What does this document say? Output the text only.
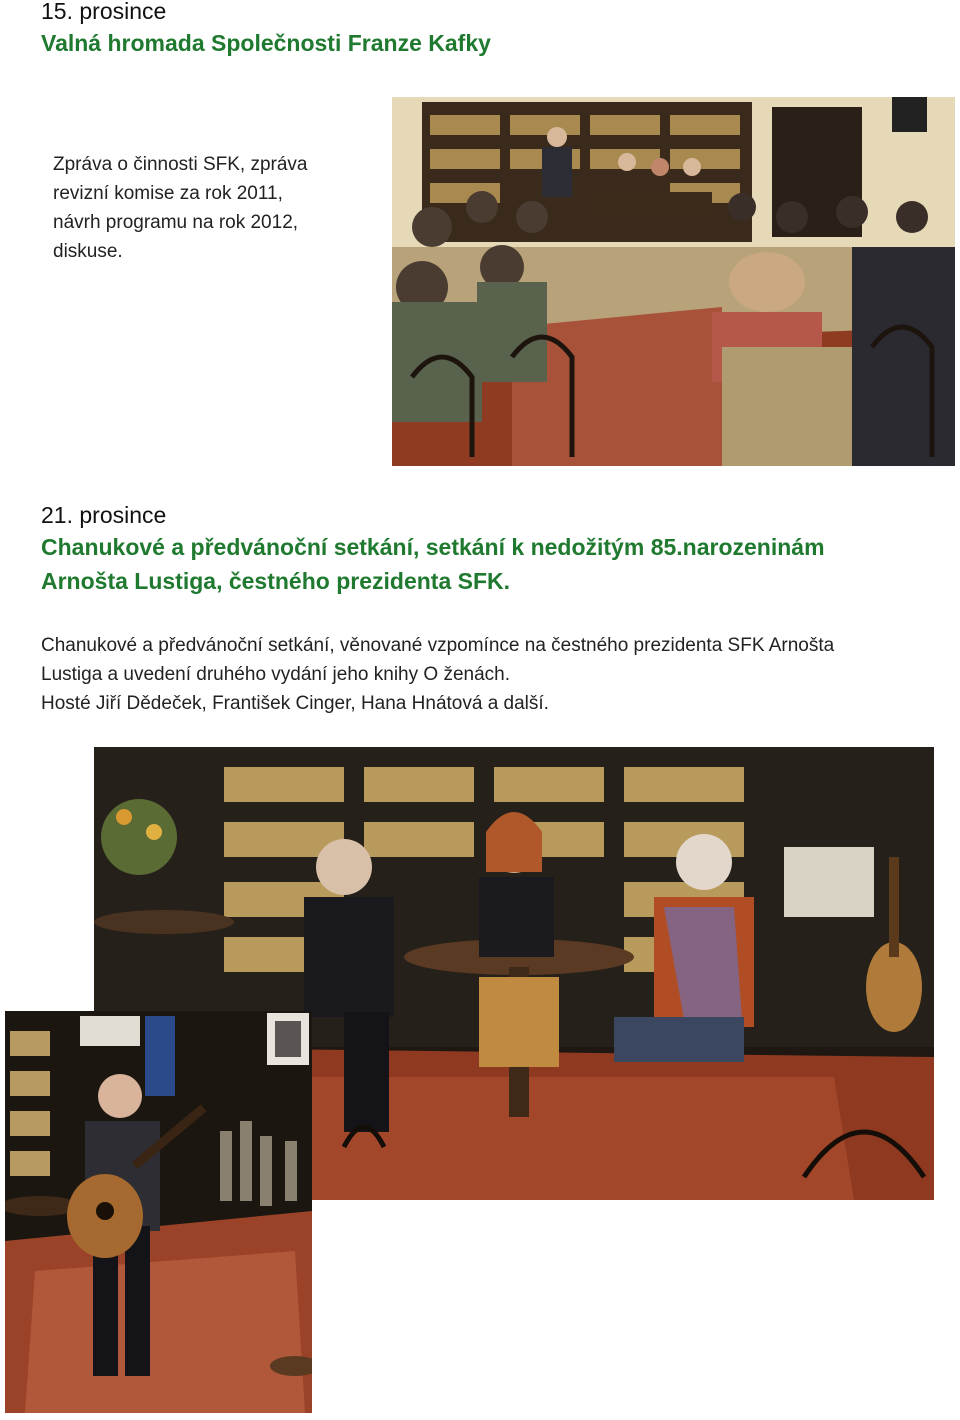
15. prosince
Valná hromada Společnosti Franze Kafky
Zpráva o činnosti SFK, zpráva
revizní komise za rok 2011,
návrh programu na rok 2012,
diskuse.
21. prosince
Chanukové a předvánoční setkání, setkání k nedožitým 85.narozeninám
Arnošta Lustiga, čestného prezidenta SFK.
Chanukové a předvánoční setkání, věnované vzpomínce na čestného prezidenta SFK Arnošta
Lustiga a uvedení druhého vydání jeho knihy O ženách.
Hosté Jiří Dědeček, František Cinger, Hana Hnátová a další.
